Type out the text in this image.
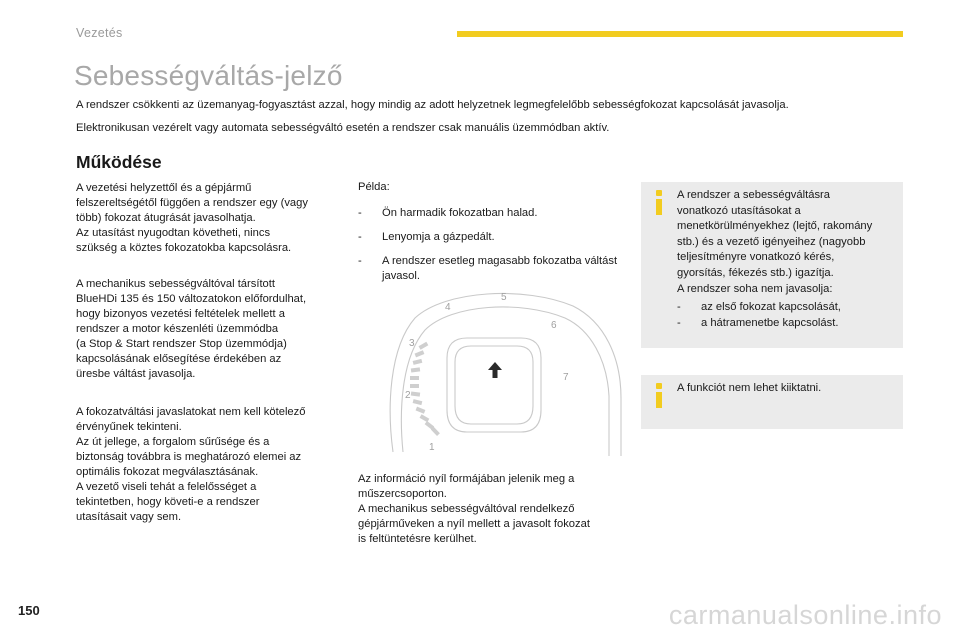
Vezetés
Sebességváltás-jelző

A rendszer csökkenti az üzemanyag-fogyasztást azzal, hogy mindig az adott helyzetnek legmegfelelőbb sebességfokozat kapcsolását javasolja.

Elektronikusan vezérelt vagy automata sebességváltó esetén a rendszer csak manuális üzemmódban aktív.

Működése

A vezetési helyzettől és a gépjármű
felszereltségétől függően a rendszer egy (vagy
több) fokozat átugrását javasolhatja.
Az utasítást nyugodtan követheti, nincs
szükség a köztes fokozatokba kapcsolásra.

A mechanikus sebességváltóval társított
BlueHDi 135 és 150 változatokon előfordulhat,
hogy bizonyos vezetési feltételek mellett a
rendszer a motor készenléti üzemmódba
(a Stop & Start rendszer Stop üzemmódja)
kapcsolásának elősegítése érdekében az
üresbe váltást javasolja.

A fokozatváltási javaslatokat nem kell kötelező
érvényűnek tekinteni.
Az út jellege, a forgalom sűrűsége és a
biztonság továbbra is meghatározó elemei az
optimális fokozat megválasztásának.
A vezető viseli tehát a felelősséget a
tekintetben, hogy követi-e a rendszer
utasításait vagy sem.

Példa:
- Ön harmadik fokozatban halad.
- Lenyomja a gázpedált.
- A rendszer esetleg magasabb fokozatba váltást javasol.
1
2
3
4
5
6
7

Az információ nyíl formájában jelenik meg a
műszercsoporton.
A mechanikus sebességváltóval rendelkező
gépjárműveken a nyíl mellett a javasolt fokozat
is feltüntetésre kerülhet.

A rendszer a sebességváltásra
vonatkozó utasításokat a
menetkörülményekhez (lejtő, rakomány
stb.) és a vezető igényeihez (nagyobb
teljesítményre vonatkozó kérés,
gyorsítás, fékezés stb.) igazítja.
A rendszer soha nem javasolja:

- az első fokozat kapcsolását,
- a hátramenetbe kapcsolást.

A funkciót nem lehet kiiktatni.

150	carmanualsonline.info
